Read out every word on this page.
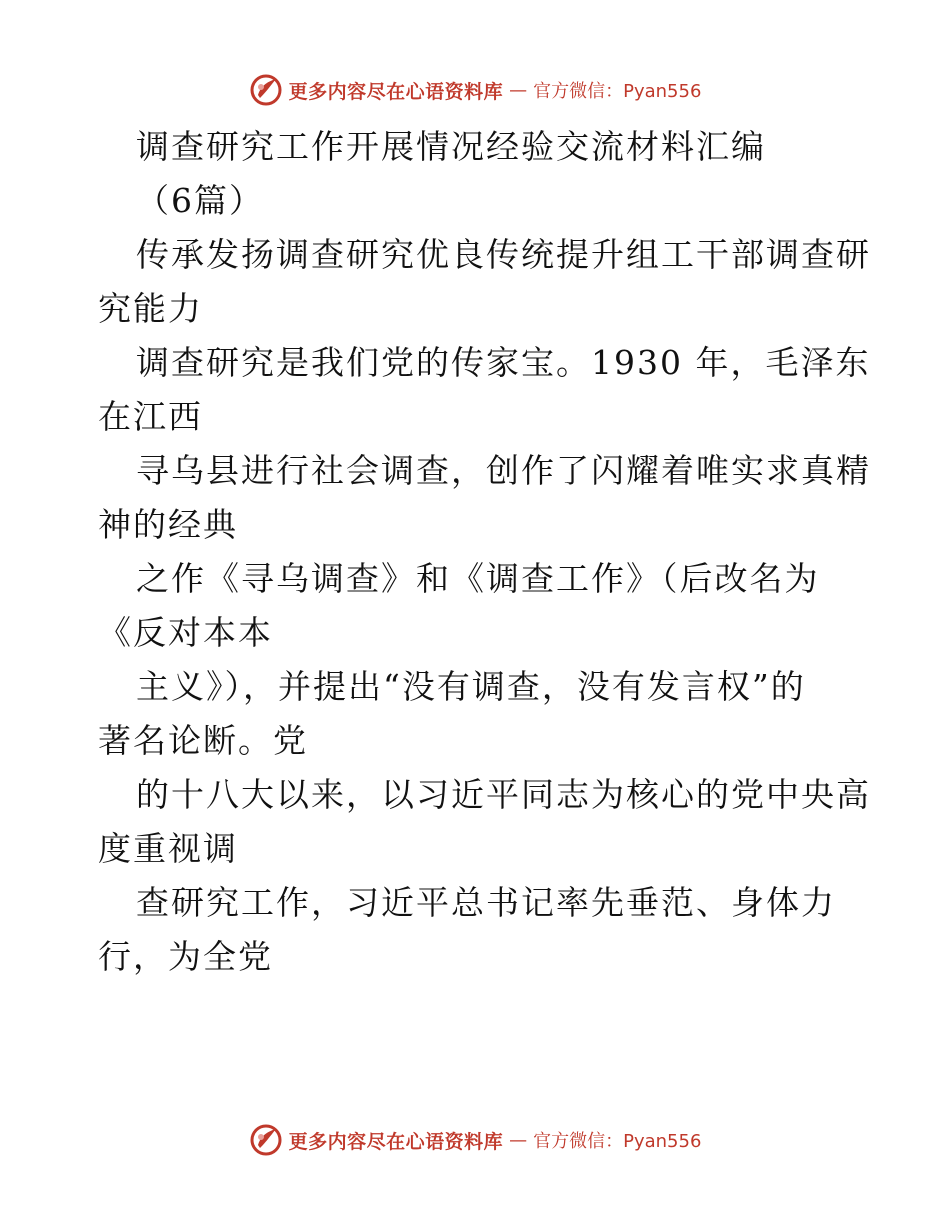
更多内容尽在心语资料库 — 官方微信：Pyan556
调查研究工作开展情况经验交流材料汇编
（6篇）
传承发扬调查研究优良传统提升组工干部调查研
究能力
调查研究是我们党的传家宝。1930 年，毛泽东
在江西
寻乌县进行社会调查，创作了闪耀着唯实求真精
神的经典
之作《寻乌调查》和《调查工作》（后改名为
《反对本本
主义》），并提出“没有调查，没有发言权”的
著名论断。党
的十八大以来，以习近平同志为核心的党中央高
度重视调
查研究工作，习近平总书记率先垂范、身体力
行，为全党
更多内容尽在心语资料库 — 官方微信：Pyan556
